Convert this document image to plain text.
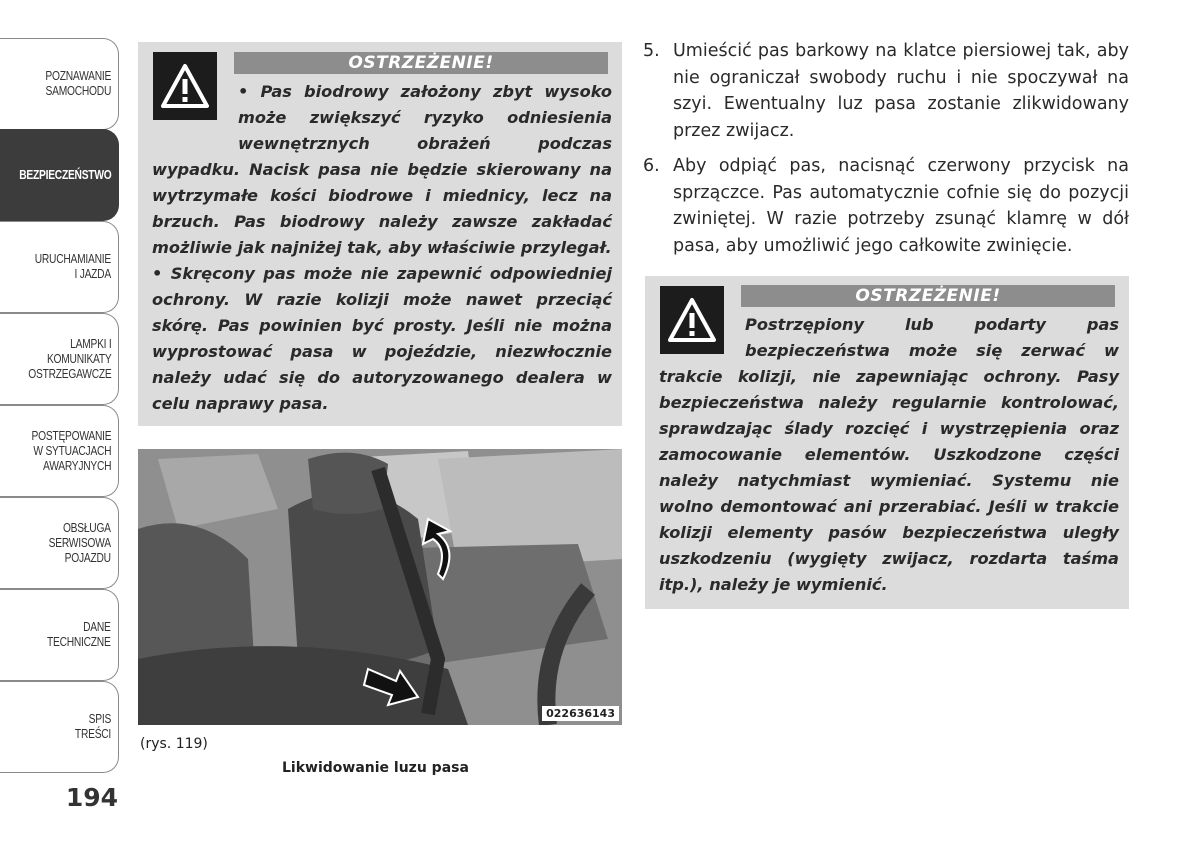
POZNAWANIE
SAMOCHODU
BEZPIECZEŃSTWO
URUCHAMIANIE
I JAZDA
LAMPKI I
KOMUNIKATY
OSTRZEGAWCZE
POSTĘPOWANIE
W SYTUACJACH
AWARYJNYCH
OBSŁUGA
SERWISOWA
POJAZDU
DANE
TECHNICZNE
SPIS
TREŚCI
194
OSTRZEŻENIE!

• Pas biodrowy założony zbyt wysoko może zwiększyć ryzyko odniesienia wewnętrznych obrażeń podczas wypadku. Nacisk pasa nie będzie skierowany na wytrzymałe kości biodrowe i miednicy, lecz na brzuch. Pas biodrowy należy zawsze zakładać możliwie jak najniżej tak, aby właściwie przylegał.

• Skręcony pas może nie zapewnić odpowiedniej ochrony. W razie kolizji może nawet przeciąć skórę. Pas powinien być prosty. Jeśli nie można wyprostować pasa w pojeździe, niezwłocznie należy udać się do autoryzowanego dealera w celu naprawy pasa.

022636143
(rys. 119)
Likwidowanie luzu pasa
5. Umieścić pas barkowy na klatce piersiowej tak, aby nie ograniczał swobody ruchu i nie spoczywał na szyi. Ewentualny luz pasa zostanie zlikwidowany przez zwijacz.
6. Aby odpiąć pas, nacisnąć czerwony przycisk na sprzączce. Pas automatycznie cofnie się do pozycji zwiniętej. W razie potrzeby zsunąć klamrę w dół pasa, aby umożliwić jego całkowite zwinięcie.
OSTRZEŻENIE!

Postrzępiony lub podarty pas bezpieczeństwa może się zerwać w trakcie kolizji, nie zapewniając ochrony. Pasy bezpieczeństwa należy regularnie kontrolować, sprawdzając ślady rozcięć i wystrzępienia oraz zamocowanie elementów. Uszkodzone części należy natychmiast wymieniać. Systemu nie wolno demontować ani przerabiać. Jeśli w trakcie kolizji elementy pasów bezpieczeństwa uległy uszkodzeniu (wygięty zwijacz, rozdarta taśma itp.), należy je wymienić.
